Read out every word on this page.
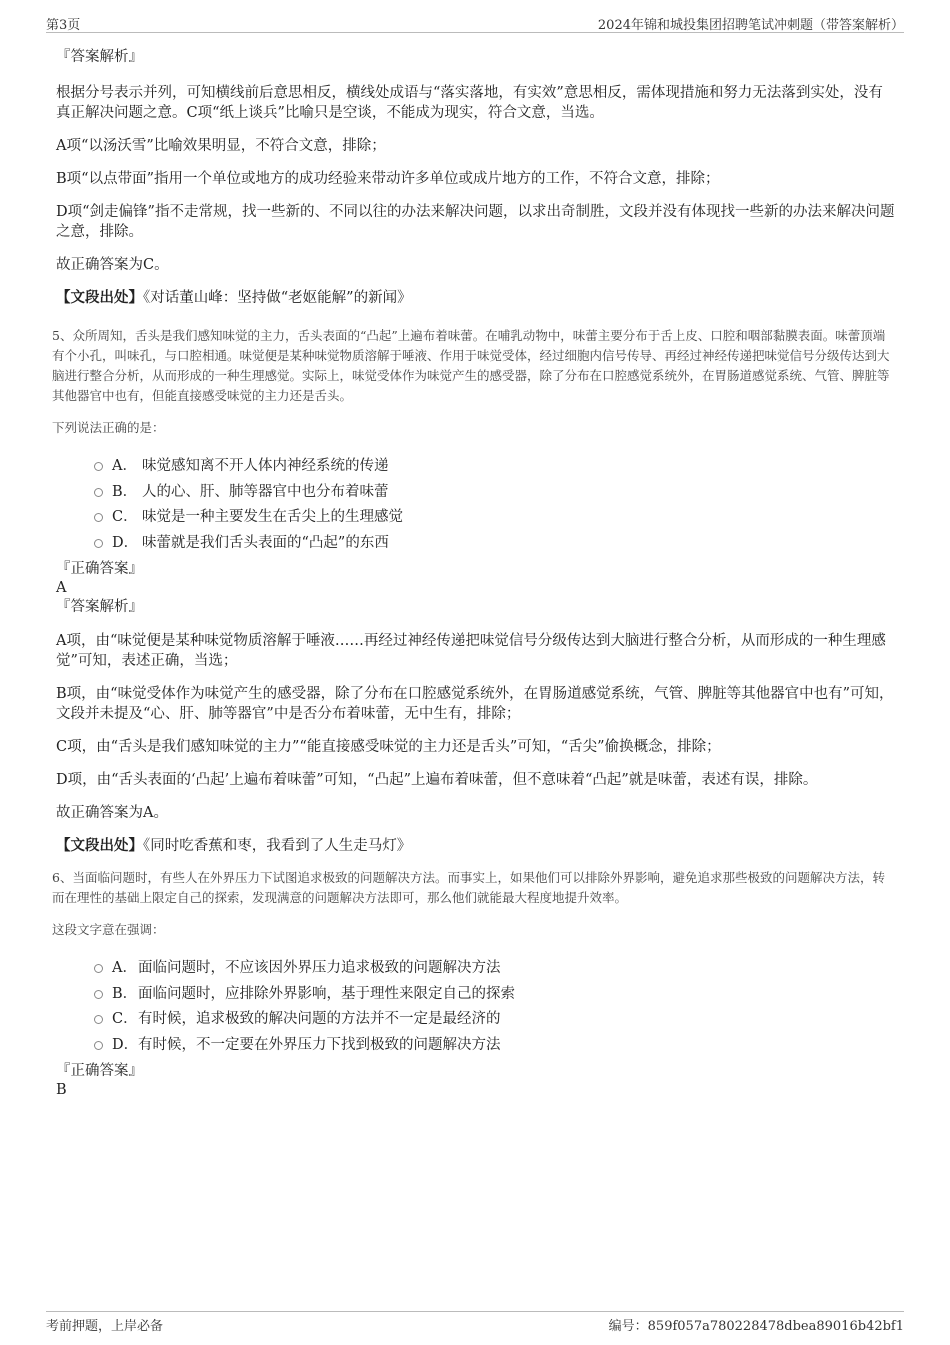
第3页	2024年锦和城投集团招聘笔试冲刺题（带答案解析）

『答案解析』

根据分号表示并列，可知横线前后意思相反，横线处成语与“落实落地，有实效”意思相反，需体现措施和努力无法落到实处，没有真正解决问题之意。C项“纸上谈兵”比喻只是空谈，不能成为现实，符合文意，当选。

A项“以汤沃雪”比喻效果明显，不符合文意，排除；

B项“以点带面”指用一个单位或地方的成功经验来带动许多单位或成片地方的工作，不符合文意，排除；

D项“剑走偏锋”指不走常规，找一些新的、不同以往的办法来解决问题，以求出奇制胜，文段并没有体现找一些新的办法来解决问题之意，排除。

故正确答案为C。

【文段出处】《对话董山峰：坚持做“老妪能解”的新闻》

5、众所周知，舌头是我们感知味觉的主力，舌头表面的“凸起”上遍布着味蕾。在哺乳动物中，味蕾主要分布于舌上皮、口腔和咽部黏膜表面。味蕾顶端有个小孔，叫味孔，与口腔相通。味觉便是某种味觉物质溶解于唾液、作用于味觉受体，经过细胞内信号传导、再经过神经传递把味觉信号分级传达到大脑进行整合分析，从而形成的一种生理感觉。实际上，味觉受体作为味觉产生的感受器，除了分布在口腔感觉系统外，在胃肠道感觉系统、气管、脾脏等其他器官中也有，但能直接感受味觉的主力还是舌头。

下列说法正确的是：

A． 味觉感知离不开人体内神经系统的传递
B． 人的心、肝、肺等器官中也分布着味蕾
C． 味觉是一种主要发生在舌尖上的生理感觉
D． 味蕾就是我们舌头表面的“凸起”的东西

『正确答案』

A

『答案解析』

A项，由“味觉便是某种味觉物质溶解于唾液……再经过神经传递把味觉信号分级传达到大脑进行整合分析，从而形成的一种生理感觉”可知，表述正确，当选；

B项，由“味觉受体作为味觉产生的感受器，除了分布在口腔感觉系统外，在胃肠道感觉系统，气管、脾脏等其他器官中也有”可知，文段并未提及“心、肝、肺等器官”中是否分布着味蕾，无中生有，排除；

C项，由“舌头是我们感知味觉的主力”“能直接感受味觉的主力还是舌头”可知，“舌尖”偷换概念，排除；

D项，由“舌头表面的‘凸起’上遍布着味蕾”可知，“凸起”上遍布着味蕾，但不意味着“凸起”就是味蕾，表述有误，排除。

故正确答案为A。

【文段出处】《同时吃香蕉和枣，我看到了人生走马灯》

6、当面临问题时，有些人在外界压力下试图追求极致的问题解决方法。而事实上，如果他们可以排除外界影响，避免追求那些极致的问题解决方法，转而在理性的基础上限定自己的探索，发现满意的问题解决方法即可，那么他们就能最大程度地提升效率。

这段文字意在强调：

A． 面临问题时，不应该因外界压力追求极致的问题解决方法
B． 面临问题时，应排除外界影响，基于理性来限定自己的探索
C． 有时候，追求极致的解决问题的方法并不一定是最经济的
D． 有时候，不一定要在外界压力下找到极致的问题解决方法

『正确答案』

B

考前押题，上岸必备	编号：859f057a780228478dbea89016b42bf1
